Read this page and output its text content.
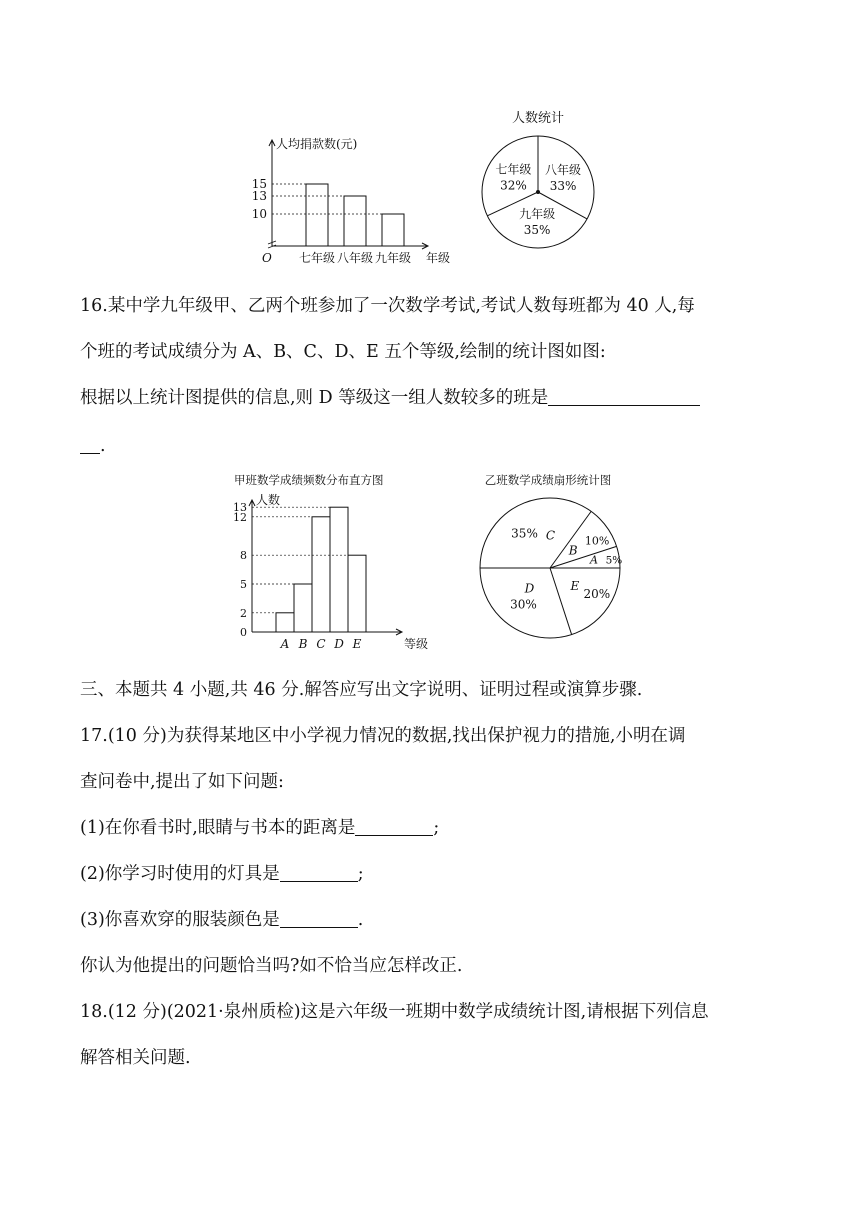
人均捐款数(元)
O	年级
七年级
15
八年级
13
九年级
10
人数统计
七年级
32%
八年级
33%
九年级
35%
16.某中学九年级甲、乙两个班参加了一次数学考试,考试人数每班都为 40 人,每
个班的考试成绩分为 A、B、C、D、E 五个等级,绘制的统计图如图:
根据以上统计图提供的信息,则 D 等级这一组人数较多的班是
.
甲班数学成绩频数分布直方图
人数
等级
0
2
A
5
B
12
C
13
D
8
E
乙班数学成绩扇形统计图
35% C
B
10%
A 5%
E
20%
D
30%
三、本题共 4 小题,共 46 分.解答应写出文字说明、证明过程或演算步骤.
17.(10 分)为获得某地区中小学视力情况的数据,找出保护视力的措施,小明在调
查问卷中,提出了如下问题:
(1)在你看书时,眼睛与书本的距离是	;
(2)你学习时使用的灯具是	;
(3)你喜欢穿的服装颜色是	.
你认为他提出的问题恰当吗?如不恰当应怎样改正.
18.(12 分)(2021·泉州质检)这是六年级一班期中数学成绩统计图,请根据下列信息
解答相关问题.
